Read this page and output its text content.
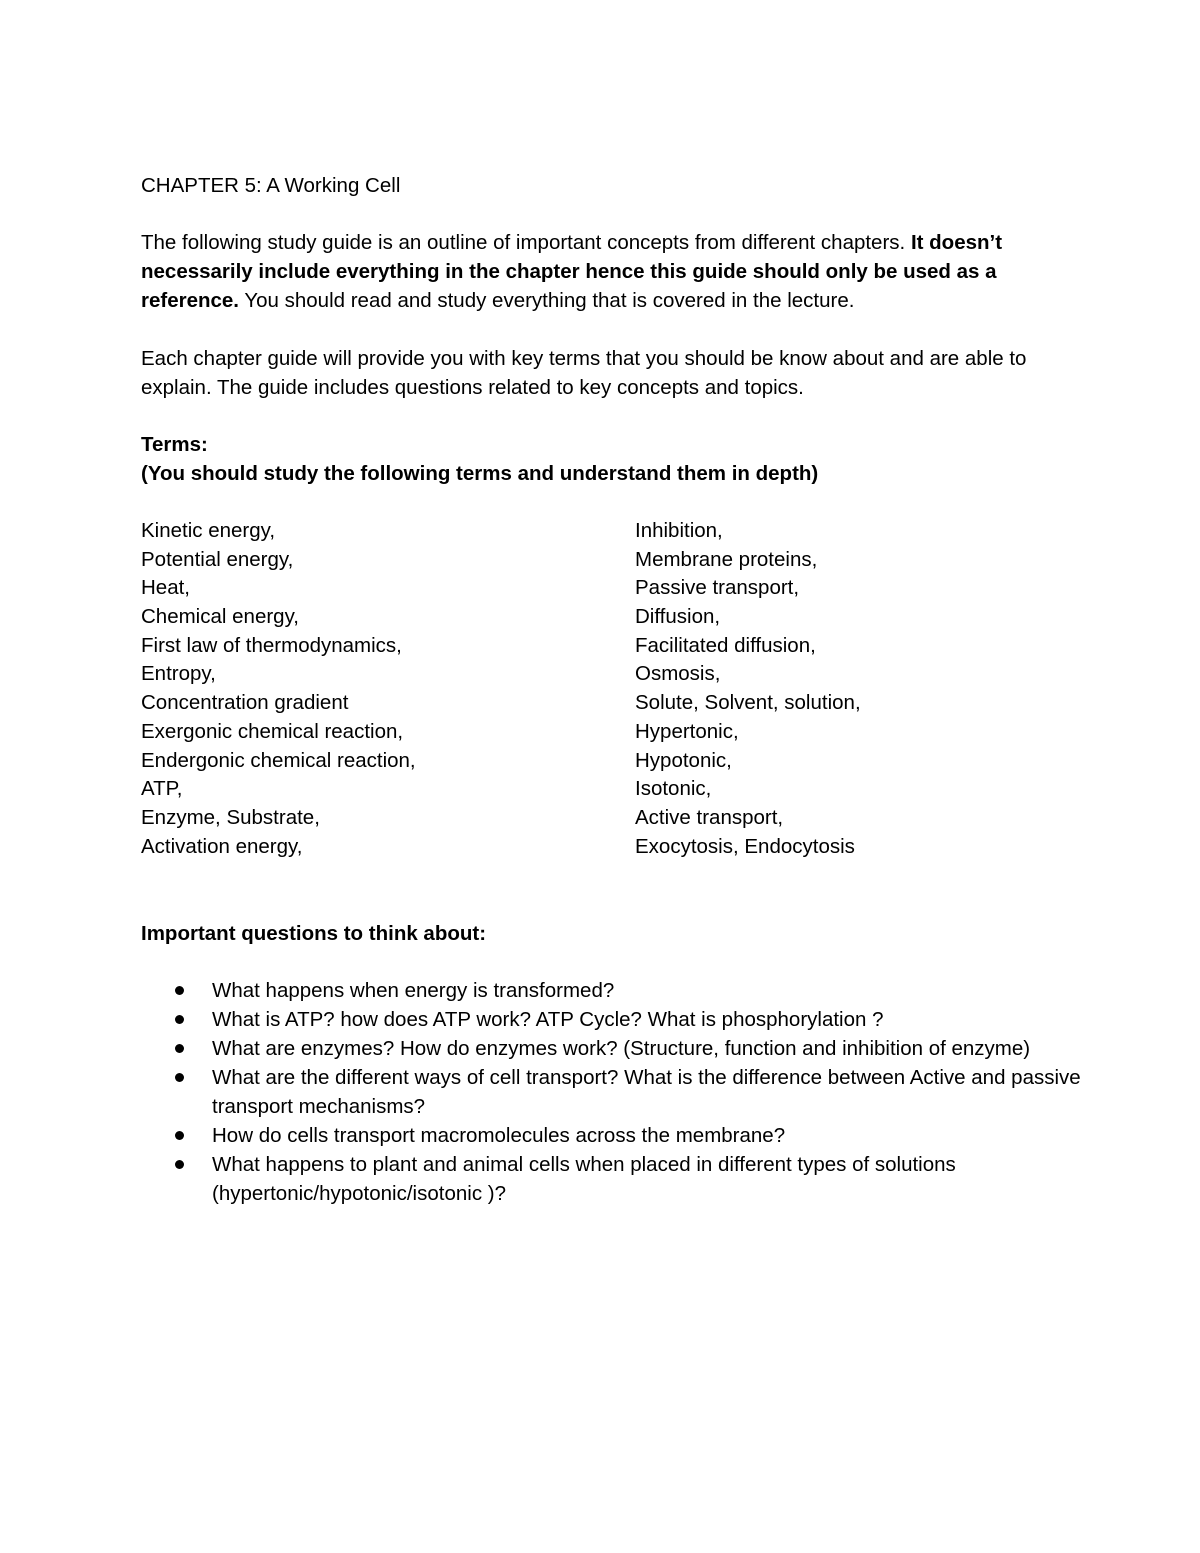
CHAPTER 5: A Working Cell

The following study guide is an outline of important concepts from different chapters. It doesn’t necessarily include everything in the chapter hence this guide should only be used as a reference. You should read and study everything that is covered in the lecture.

Each chapter guide will provide you with key terms that you should be know about and are able to explain. The guide includes questions related to key concepts and topics.

Terms:

(You should study the following terms and understand them in depth)

Kinetic energy,
Potential energy,
Heat,
Chemical energy,
First law of thermodynamics,
Entropy,
Concentration gradient
Exergonic chemical reaction,
Endergonic chemical reaction,
ATP,
Enzyme, Substrate,
Activation energy,
Inhibition,
Membrane proteins,
Passive transport,
Diffusion,
Facilitated diffusion,
Osmosis,
Solute, Solvent, solution,
Hypertonic,
Hypotonic,
Isotonic,
Active transport,
Exocytosis, Endocytosis

Important questions to think about:

What happens when energy is transformed?
What is ATP? how does ATP work? ATP Cycle? What is phosphorylation ?
What are enzymes? How do enzymes work? (Structure, function and inhibition of enzyme)
What are the different ways of cell transport? What is the difference between Active and passive transport mechanisms?
How do cells transport macromolecules across the membrane?
What happens to plant and animal cells when placed in different types of solutions (hypertonic/hypotonic/isotonic )?
